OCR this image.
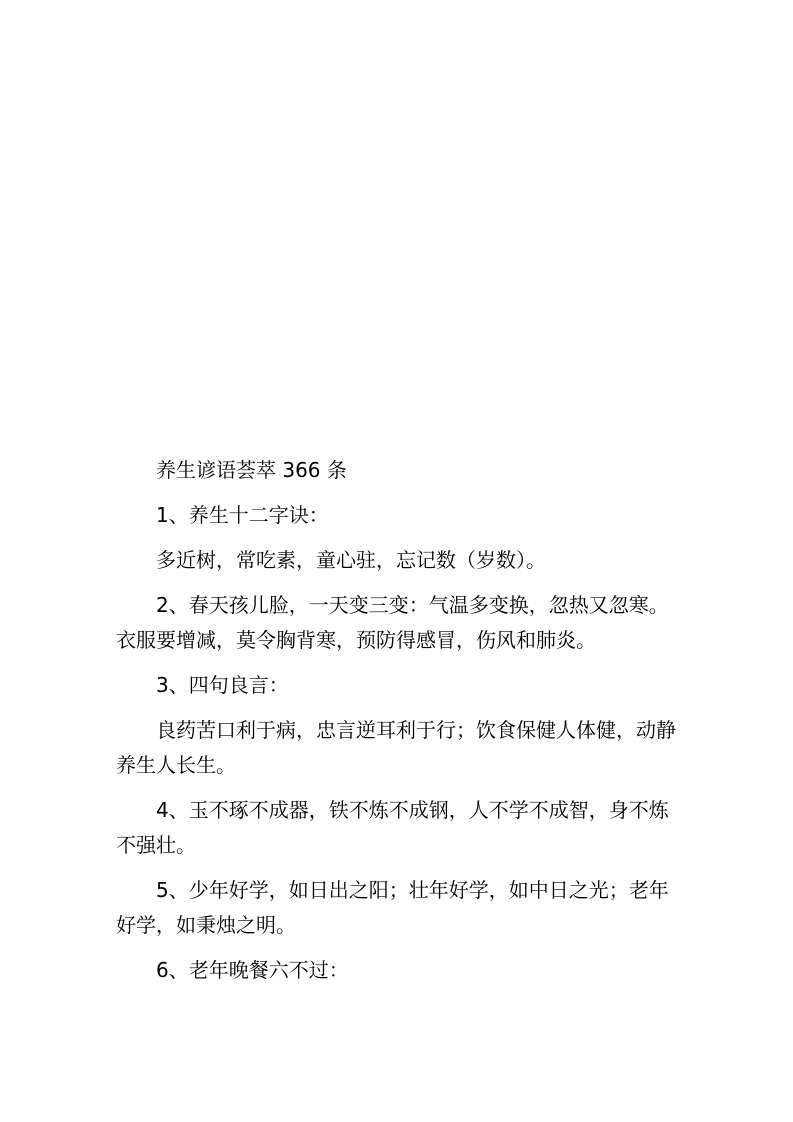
养生谚语荟萃 366 条

1、养生十二字诀：

多近树，常吃素，童心驻，忘记数（岁数）。

2、春天孩儿脸，一天变三变：气温多变换，忽热又忽寒。
衣服要增减，莫令胸背寒，预防得感冒，伤风和肺炎。

3、四句良言：

良药苦口利于病，忠言逆耳利于行；饮食保健人体健，动静
养生人长生。

4、玉不琢不成器，铁不炼不成钢，人不学不成智，身不炼
不强壮。

5、少年好学，如日出之阳；壮年好学，如中日之光；老年
好学，如秉烛之明。

6、老年晚餐六不过：
